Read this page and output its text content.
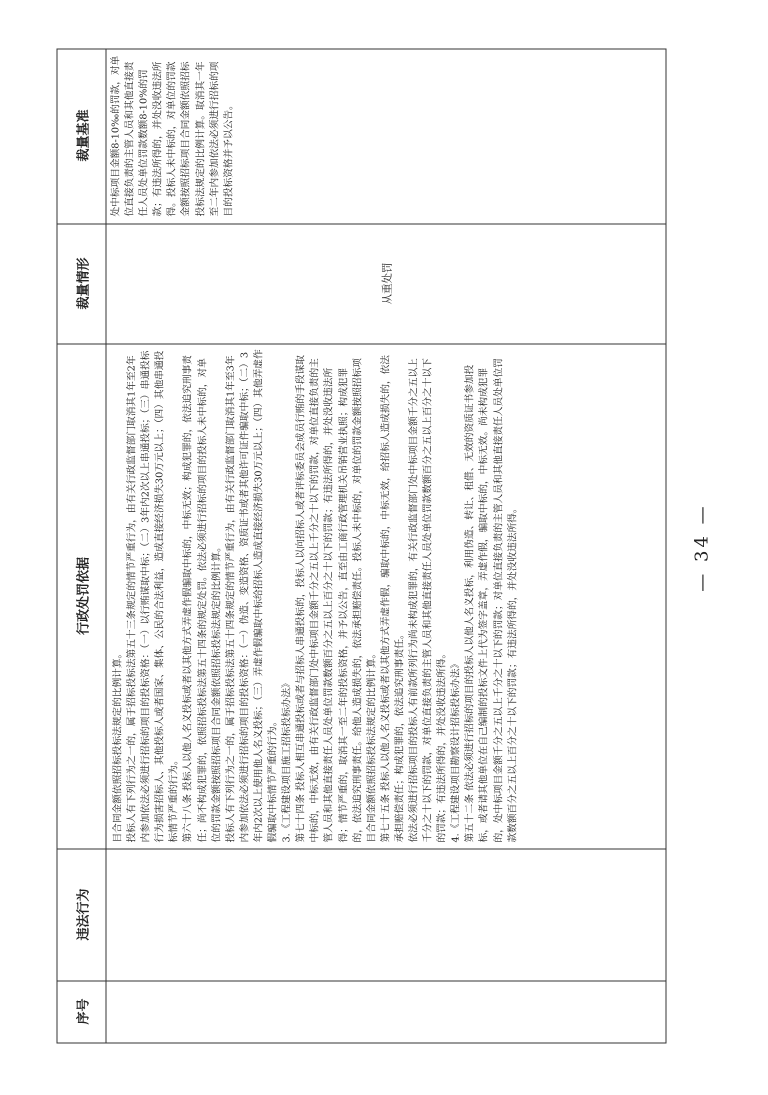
序号
违法行为
行政处罚依据
裁量情形
裁量基准

目合同金额依照招标投标法规定的比例计算。 投标人有下列行为之一的，属于招标投标法第五十三条规定的情节严重行为，由有关行政监督部门取消其1年至2年内参加依法必须进行招标的项目的投标资格：（一）以行贿谋取中标；（二）3年内2次以上串通投标；（三）串通投标行为损害招标人、其他投标人或者国家、集体、公民的合法利益，造成直接经济损失30万元以上；（四）其他串通投标情节严重的行为。 第六十八条 投标人以他人名义投标或者以其他方式弄虚作假骗取中标的，中标无效；构成犯罪的，依法追究刑事责任；尚不构成犯罪的，依照招标投标法第五十四条的规定处罚。依法必须进行招标的项目的投标人未中标的，对单位的罚款金额按照招标项目合同金额依照招标投标法规定的比例计算。 投标人有下列行为之一的，属于招标投标法第五十四条规定的情节严重行为，由有关行政监督部门取消其1年至3年内参加依法必须进行招标的项目的投标资格：（一）伪造、变造资格、资质证书或者其他许可证件骗取中标；（二）3年内2次以上使用他人名义投标；（三）弄虚作假骗取中标给招标人造成直接经济损失30万元以上；（四）其他弄虚作假骗取中标情节严重的行为。 3.《工程建设项目施工招标投标办法》 第七十四条 投标人相互串通投标或者与招标人串通投标的，投标人以向招标人或者评标委员会成员行贿的手段谋取中标的，中标无效，由有关行政监督部门处中标项目金额千分之五以上千分之十以下的罚款，对单位直接负责的主管人员和其他直接责任人员处单位罚款数额百分之五以上百分之十以下的罚款；有违法所得的，并处没收违法所得；情节严重的，取消其一至二年的投标资格，并予以公告，直至由工商行政管理机关吊销营业执照；构成犯罪的，依法追究刑事责任。给他人造成损失的，依法承担赔偿责任。投标人未中标的，对单位的罚款金额按照招标项目合同金额依照招标投标法规定的比例计算。 第七十五条 投标人以他人名义投标或者以其他方式弄虚作假，骗取中标的，中标无效，给招标人造成损失的，依法承担赔偿责任；构成犯罪的，依法追究刑事责任。 依法必须进行招标项目的投标人有前款所列行为尚未构成犯罪的，有关行政监督部门处中标项目金额千分之五以上千分之十以下的罚款，对单位直接负责的主管人员和其他直接责任人员处单位罚款数额百分之五以上百分之十以下的罚款；有违法所得的，并处没收违法所得。 4.《工程建设项目勘察设计招标投标办法》 第五十二条 依法必须进行招标的项目的投标人以他人名义投标，利用伪造、转让、租借、无效的资质证书参加投标，或者请其他单位在自己编制的投标文件上代为签字盖章，弄虚作假，骗取中标的，中标无效。尚未构成犯罪的，处中标项目金额千分之五以上千分之十以下的罚款；对单位直接负责的主管人员和其他直接责任人员处单位罚款数额百分之五以上百分之十以下的罚款；有违法所得的，并处没收违法所得。

从重处罚
处中标项目金额8-10‰的罚款，对单位直接负责的主管人员和其他直接责任人员处单位罚款数额8-10%的罚款；有违法所得的，并处没收违法所得。投标人未中标的，对单位的罚款金额按照招标项目合同金额依照招标投标法规定的比例计算。取消其一年至二年内参加依法必须进行招标的项目的投标资格并予以公告。
— 34 —
